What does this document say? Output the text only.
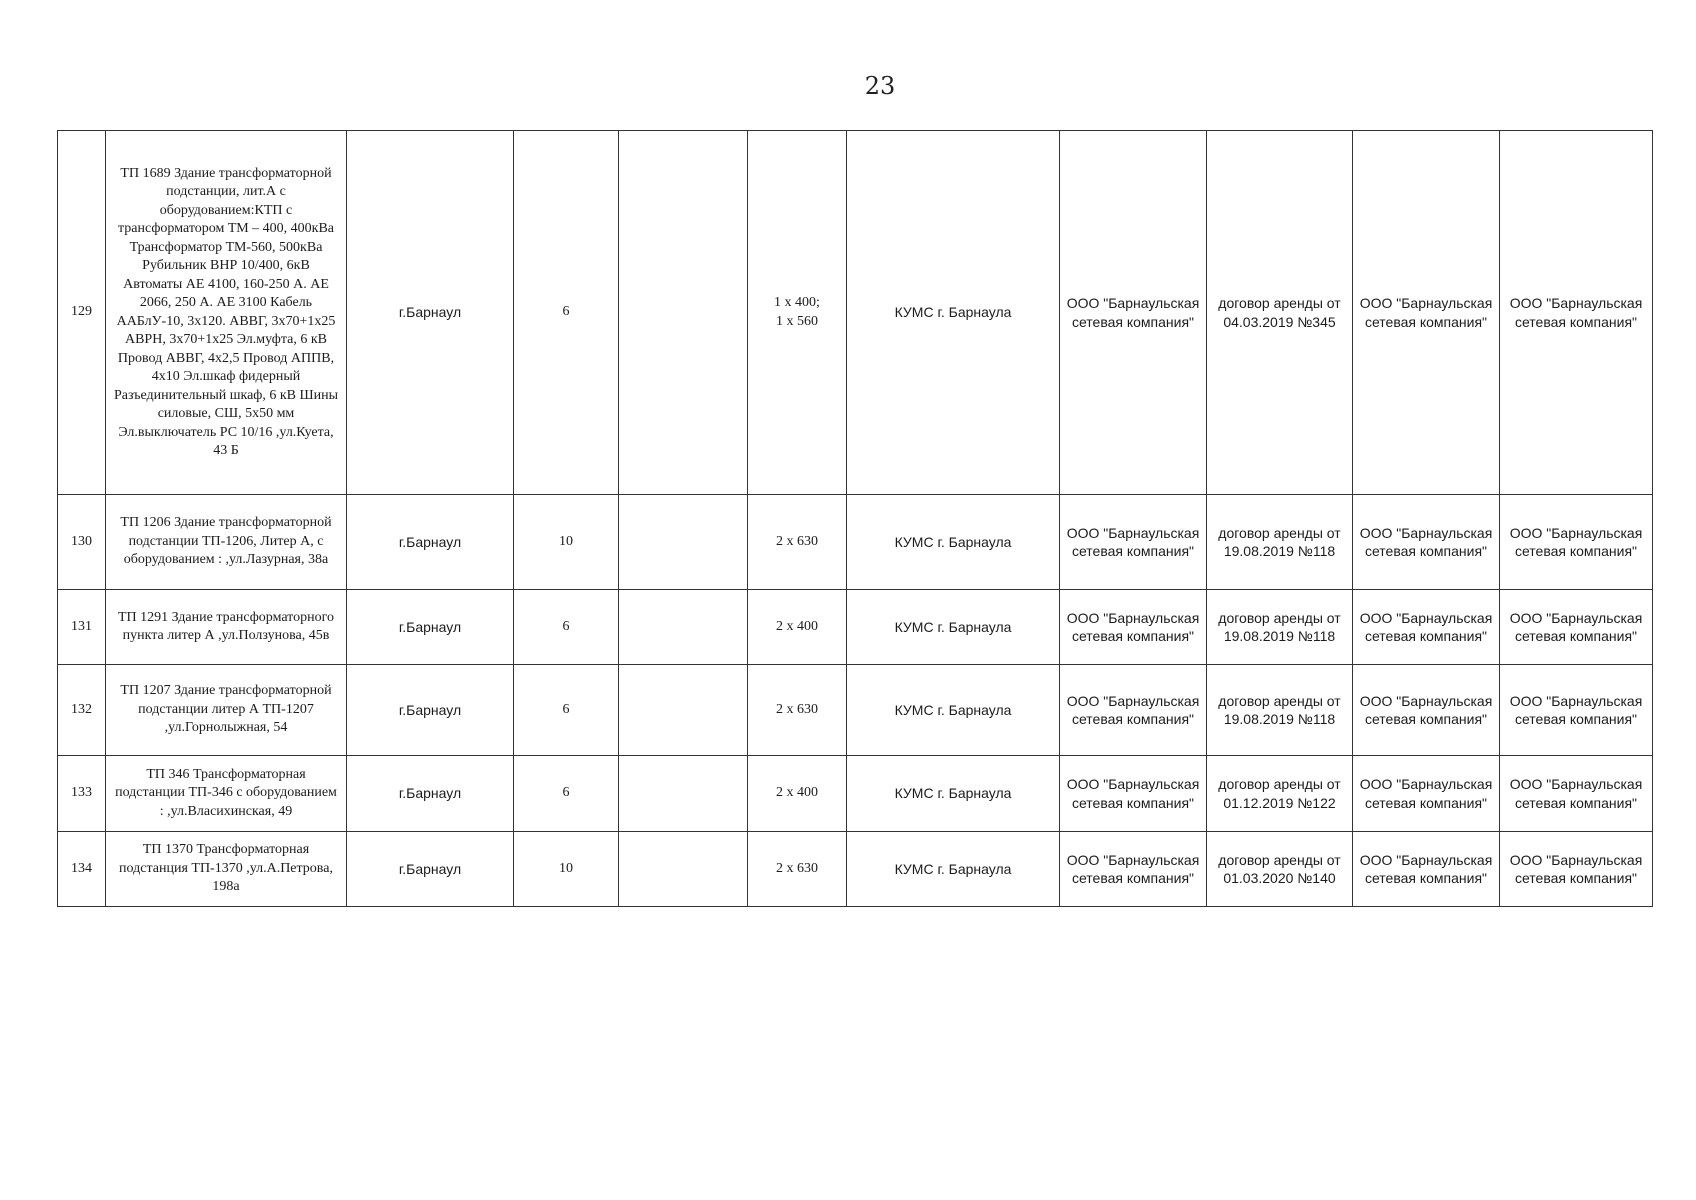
23
129	ТП 1689 Здание трансформаторной подстанции, лит.А с оборудованием:КТП с трансформатором ТМ – 400, 400кВа Трансформатор ТМ-560, 500кВа Рубильник ВНР 10/400, 6кВ Автоматы АЕ 4100, 160-250 А. АЕ 2066, 250 А. АЕ 3100 Кабель ААБлУ-10, 3х120. АВВГ, 3х70+1х25 АВРН, 3х70+1х25 Эл.муфта, 6 кВ Провод АВВГ, 4х2,5 Провод АППВ, 4х10 Эл.шкаф фидерный Разъединительный шкаф, 6 кВ Шины силовые, СШ, 5х50 мм Эл.выключатель РС 10/16 ,ул.Куета, 43 Б	г.Барнаул	6		1 х 400;
1 х 560	КУМС г. Барнаула	ООО "Барнаульская сетевая компания"	договор аренды от 04.03.2019 №345	ООО "Барнаульская сетевая компания"	ООО "Барнаульская сетевая компания"
130	ТП 1206 Здание трансформаторной подстанции ТП-1206, Литер А, с оборудованием : ,ул.Лазурная, 38а	г.Барнаул	10		2 х 630	КУМС г. Барнаула	ООО "Барнаульская сетевая компания"	договор аренды от 19.08.2019 №118	ООО "Барнаульская сетевая компания"	ООО "Барнаульская сетевая компания"
131	ТП 1291 Здание трансформаторного пункта литер А ,ул.Ползунова, 45в	г.Барнаул	6		2 х 400	КУМС г. Барнаула	ООО "Барнаульская сетевая компания"	договор аренды от 19.08.2019 №118	ООО "Барнаульская сетевая компания"	ООО "Барнаульская сетевая компания"
132	ТП 1207 Здание трансформаторной подстанции литер А ТП-1207 ,ул.Горнолыжная, 54	г.Барнаул	6		2 х 630	КУМС г. Барнаула	ООО "Барнаульская сетевая компания"	договор аренды от 19.08.2019 №118	ООО "Барнаульская сетевая компания"	ООО "Барнаульская сетевая компания"
133	ТП 346 Трансформаторная подстанции ТП-346 с оборудованием : ,ул.Власихинская, 49	г.Барнаул	6		2 х 400	КУМС г. Барнаула	ООО "Барнаульская сетевая компания"	договор аренды от 01.12.2019 №122	ООО "Барнаульская сетевая компания"	ООО "Барнаульская сетевая компания"
134	ТП 1370 Трансформаторная подстанция ТП-1370 ,ул.А.Петрова, 198а	г.Барнаул	10		2 х 630	КУМС г. Барнаула	ООО "Барнаульская сетевая компания"	договор аренды от 01.03.2020 №140	ООО "Барнаульская сетевая компания"	ООО "Барнаульская сетевая компания"
